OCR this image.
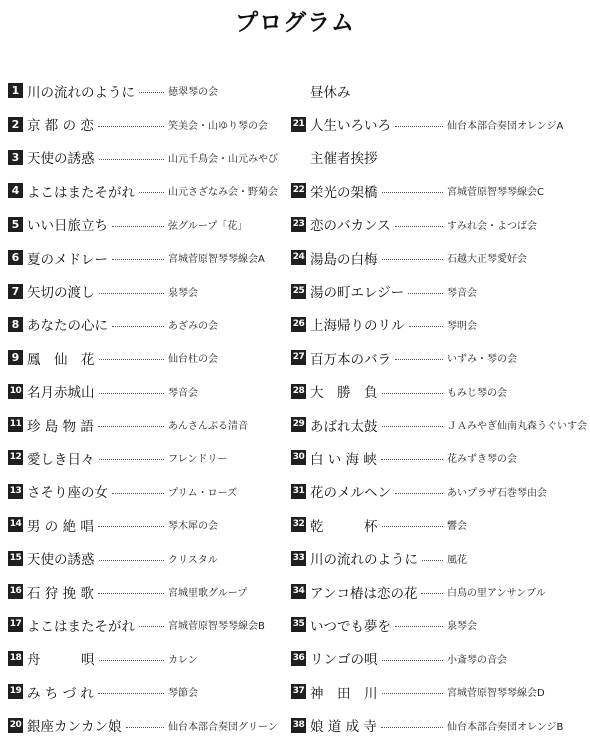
プログラム
1 川の流れのように	徳翠琴の会
2 京 都 の 恋	笑美会・山ゆり琴の会
3 天使の誘惑	山元千鳥会・山元みやび
4 よこはまたそがれ	山元さざなみ会・野菊会
5 いい日旅立ち	弦グループ「花」
6 夏のメドレー	宮城菅原智琴琴線会A
7 矢切の渡し	泉琴会
8 あなたの心に	あざみの会
9 鳳　仙　花	仙台杜の会
10 名月赤城山	琴音会
11 珍 島 物 語	あんさんぶる清音
12 愛しき日々	フレンドリー
13 さそり座の女	プリム・ローズ
14 男 の 絶 唱	琴木犀の会
15 天使の誘惑	クリスタル
16 石 狩 挽 歌	宮城里歌グループ
17 よこはまたそがれ	宮城菅原智琴琴線会B
18 舟　　　唄	カレン
19 み ち づ れ	琴節会
20 銀座カンカン娘	仙台本部合奏団グリーン
昼休み
21 人生いろいろ	仙台本部合奏団オレンジA
主催者挨拶
22 栄光の架橋	宮城菅原智琴琴線会C
23 恋のバカンス	すみれ会・よつば会
24 湯島の白梅	石越大正琴愛好会
25 湯の町エレジー	琴音会
26 上海帰りのリル	琴明会
27 百万本のバラ	いずみ・琴の会
28 大　勝　負	もみじ琴の会
29 あばれ太鼓	ＪＡみやぎ仙南丸森うぐいす会
30 白 い 海 峡	花みずき琴の会
31 花のメルヘン	あいプラザ石巻琴由会
32 乾　　　杯	響会
33 川の流れのように	風花
34 アンコ椿は恋の花	白鳥の里アンサンブル
35 いつでも夢を	泉琴会
36 リンゴの唄	小斎琴の音会
37 神　田　川	宮城菅原智琴琴線会D
38 娘 道 成 寺	仙台本部合奏団オレンジB
